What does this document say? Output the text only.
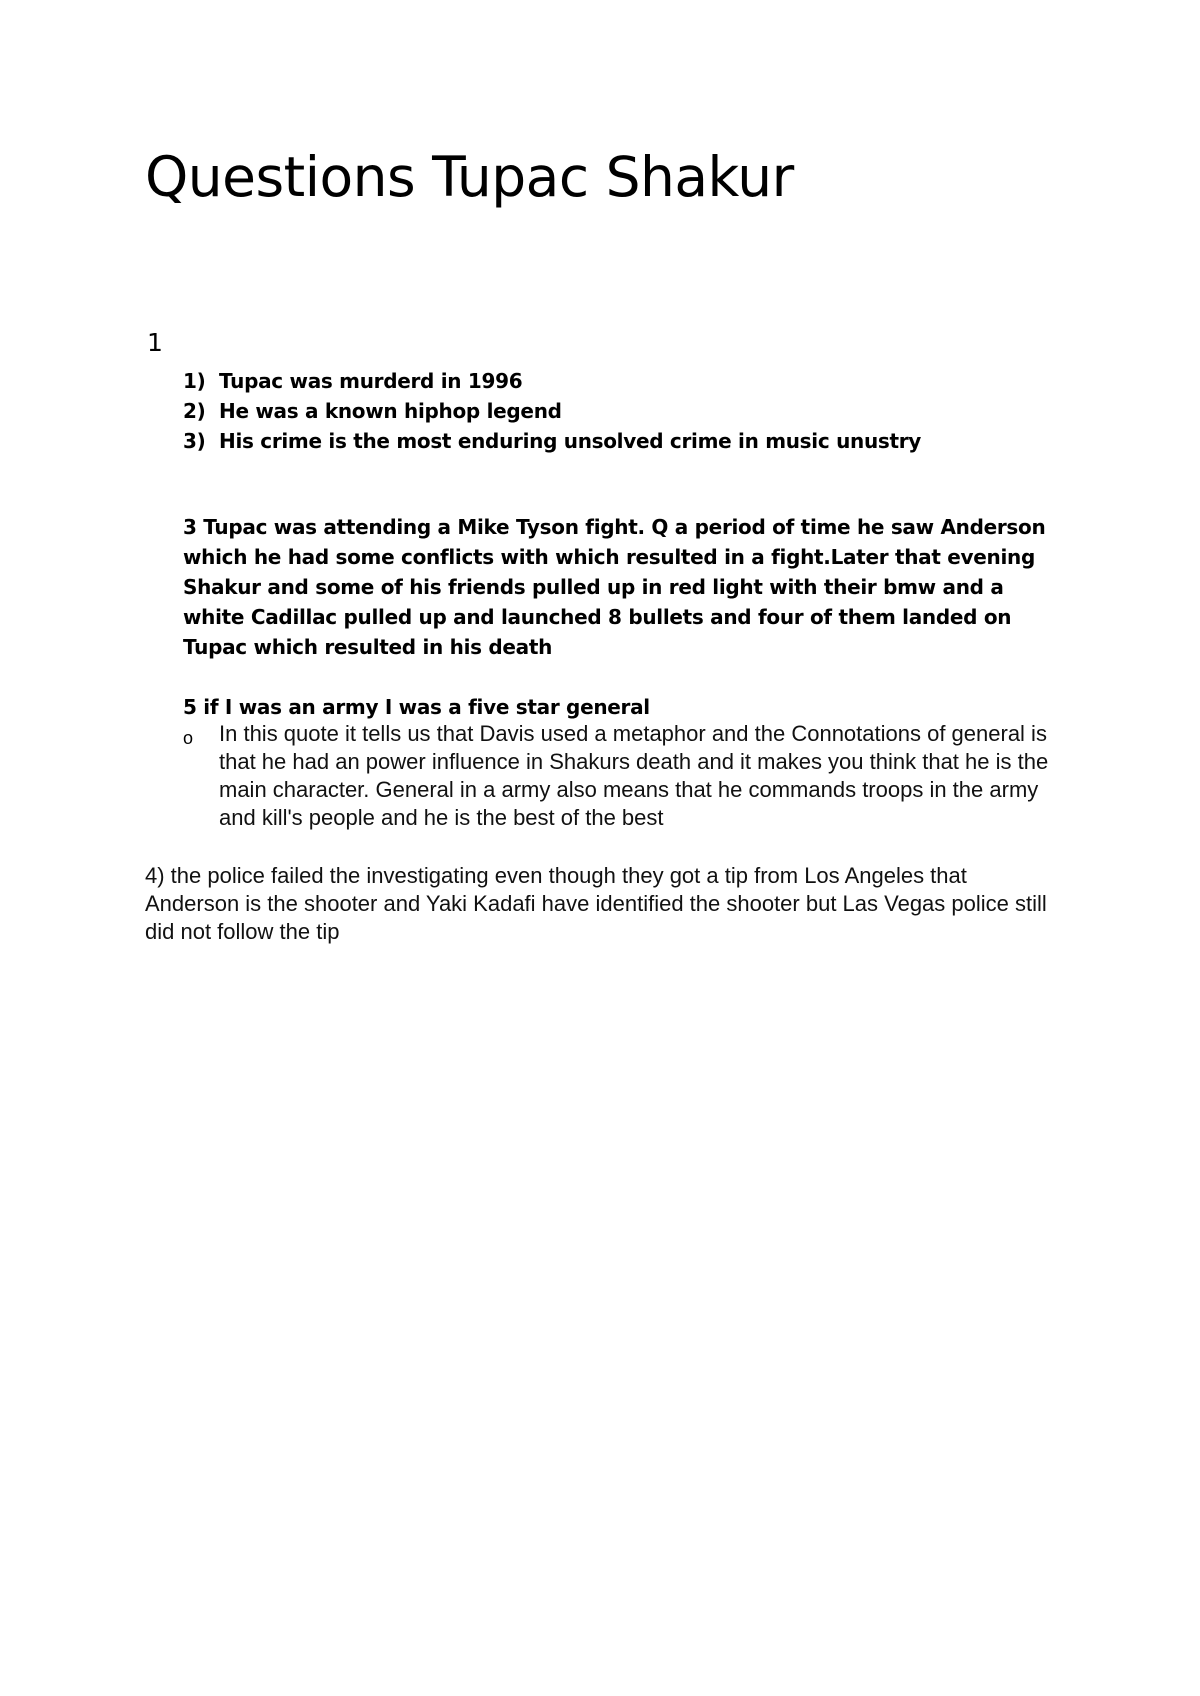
Questions Tupac Shakur
1
1) Tupac was murderd in 1996
2) He was a known hiphop legend
3) His crime is the most enduring unsolved crime in music unustry

3 Tupac was attending a Mike Tyson fight. Q a period of time he saw Anderson which he had some conflicts with which resulted in a fight.Later that evening Shakur and some of his friends pulled up in red light with their bmw and a white Cadillac pulled up and launched 8 bullets and four of them landed on Tupac which resulted in his death

5 if I was an army I was a five star general

o	In this quote it tells us that Davis used a metaphor and the Connotations of general is that he had an power influence in Shakurs death and it makes you think that he is the main character. General in a army also means that he commands troops in the army and kill's people and he is the best of the best

4) the police failed the investigating even though they got a tip from Los Angeles that Anderson is the shooter and Yaki Kadafi have identified the shooter but Las Vegas police still did not follow the tip
